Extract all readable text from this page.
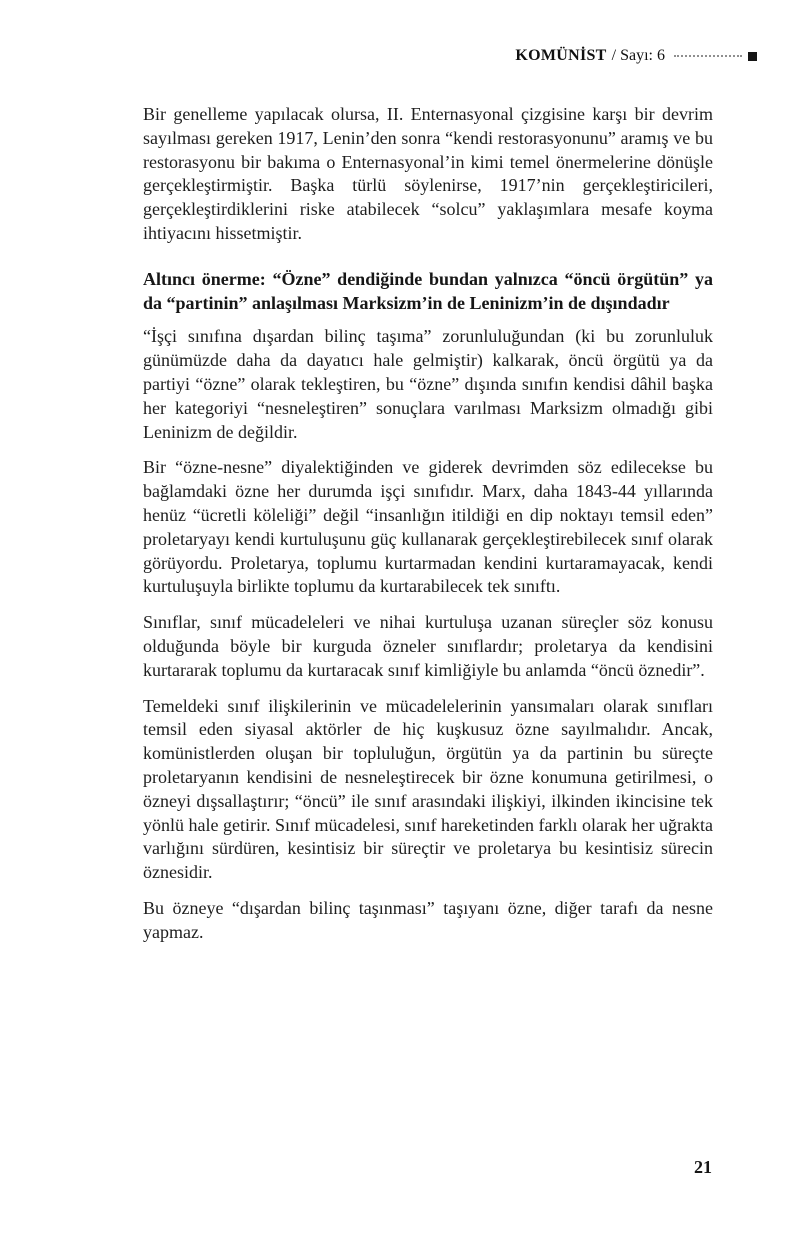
KOMÜNİST / Sayı: 6

Bir genelleme yapılacak olursa, II. Enternasyonal çizgisine karşı bir devrim sayılması gereken 1917, Lenin’den sonra “kendi restorasyonunu” aramış ve bu restorasyonu bir bakıma o Enternasyonal’in kimi temel önermelerine dönüşle gerçekleştirmiştir. Başka türlü söylenirse, 1917’nin gerçekleştiricileri, gerçekleştirdiklerini riske atabilecek “solcu” yaklaşımlara mesafe koyma ihtiyacını hissetmiştir.

Altıncı önerme: “Özne” dendiğinde bundan yalnızca “öncü örgütün” ya da “partinin” anlaşılması Marksizm’in de Leninizm’in de dışındadır

“İşçi sınıfına dışardan bilinç taşıma” zorunluluğundan (ki bu zorunluluk günümüzde daha da dayatıcı hale gelmiştir) kalkarak, öncü örgütü ya da partiyi “özne” olarak tekleştiren, bu “özne” dışında sınıfın kendisi dâhil başka her kategoriyi “nesneleştiren” sonuçlara varılması Marksizm olmadığı gibi Leninizm de değildir.

Bir “özne-nesne” diyalektiğinden ve giderek devrimden söz edilecekse bu bağlamdaki özne her durumda işçi sınıfıdır. Marx, daha 1843-44 yıllarında henüz “ücretli köleliği” değil “insanlığın itildiği en dip noktayı temsil eden” proletaryayı kendi kurtuluşunu güç kullanarak gerçekleştirebilecek sınıf olarak görüyordu. Proletarya, toplumu kurtarmadan kendini kurtaramayacak, kendi kurtuluşuyla birlikte toplumu da kurtarabilecek tek sınıftı.

Sınıflar, sınıf mücadeleleri ve nihai kurtuluşa uzanan süreçler söz konusu olduğunda böyle bir kurguda özneler sınıflardır; proletarya da kendisini kurtararak toplumu da kurtaracak sınıf kimliğiyle bu anlamda “öncü öznedir”.

Temeldeki sınıf ilişkilerinin ve mücadelelerinin yansımaları olarak sınıfları temsil eden siyasal aktörler de hiç kuşkusuz özne sayılmalıdır. Ancak, komünistlerden oluşan bir topluluğun, örgütün ya da partinin bu süreçte proletaryanın kendisini de nesneleştirecek bir özne konumuna getirilmesi, o özneyi dışsallaştırır; “öncü” ile sınıf arasındaki ilişkiyi, ilkinden ikincisine tek yönlü hale getirir. Sınıf mücadelesi, sınıf hareketinden farklı olarak her uğrakta varlığını sürdüren, kesintisiz bir süreçtir ve proletarya bu kesintisiz sürecin öznesidir.

Bu özneye “dışardan bilinç taşınması” taşıyanı özne, diğer tarafı da nesne yapmaz.

21
